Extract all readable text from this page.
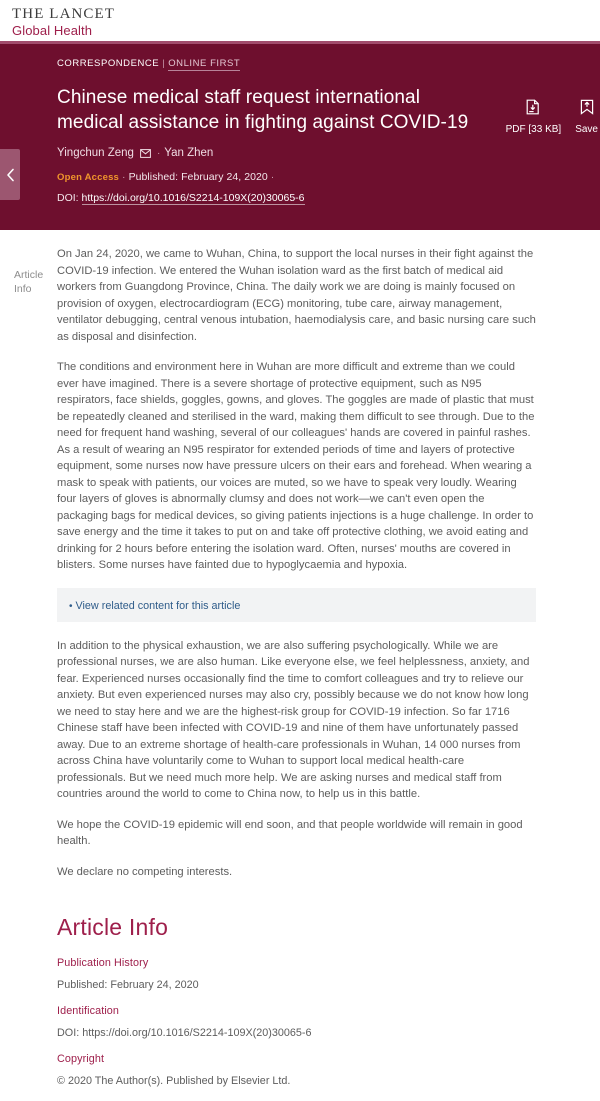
THE LANCET
Global Health
PDF [33 KB] Save
CORRESPONDENCE | ONLINE FIRST
Chinese medical staff request international medical assistance in fighting against COVID-19
Yingchun Zeng · Yan Zhen
Open Access · Published: February 24, 2020 ·
DOI: https://doi.org/10.1016/S2214-109X(20)30065-6
Article Info

On Jan 24, 2020, we came to Wuhan, China, to support the local nurses in their fight against the COVID-19 infection. We entered the Wuhan isolation ward as the first batch of medical aid workers from Guangdong Province, China. The daily work we are doing is mainly focused on provision of oxygen, electrocardiogram (ECG) monitoring, tube care, airway management, ventilator debugging, central venous intubation, haemodialysis care, and basic nursing care such as disposal and disinfection.

The conditions and environment here in Wuhan are more difficult and extreme than we could ever have imagined. There is a severe shortage of protective equipment, such as N95 respirators, face shields, goggles, gowns, and gloves. The goggles are made of plastic that must be repeatedly cleaned and sterilised in the ward, making them difficult to see through. Due to the need for frequent hand washing, several of our colleagues' hands are covered in painful rashes. As a result of wearing an N95 respirator for extended periods of time and layers of protective equipment, some nurses now have pressure ulcers on their ears and forehead. When wearing a mask to speak with patients, our voices are muted, so we have to speak very loudly. Wearing four layers of gloves is abnormally clumsy and does not work—we can't even open the packaging bags for medical devices, so giving patients injections is a huge challenge. In order to save energy and the time it takes to put on and take off protective clothing, we avoid eating and drinking for 2 hours before entering the isolation ward. Often, nurses' mouths are covered in blisters. Some nurses have fainted due to hypoglycaemia and hypoxia.

• View related content for this article

In addition to the physical exhaustion, we are also suffering psychologically. While we are professional nurses, we are also human. Like everyone else, we feel helplessness, anxiety, and fear. Experienced nurses occasionally find the time to comfort colleagues and try to relieve our anxiety. But even experienced nurses may also cry, possibly because we do not know how long we need to stay here and we are the highest-risk group for COVID-19 infection. So far 1716 Chinese staff have been infected with COVID-19 and nine of them have unfortunately passed away. Due to an extreme shortage of health-care professionals in Wuhan, 14 000 nurses from across China have voluntarily come to Wuhan to support local medical health-care professionals. But we need much more help. We are asking nurses and medical staff from countries around the world to come to China now, to help us in this battle.

We hope the COVID-19 epidemic will end soon, and that people worldwide will remain in good health.

We declare no competing interests.

Article Info
Publication History
Published: February 24, 2020
Identification
DOI: https://doi.org/10.1016/S2214-109X(20)30065-6
Copyright
© 2020 The Author(s). Published by Elsevier Ltd.
